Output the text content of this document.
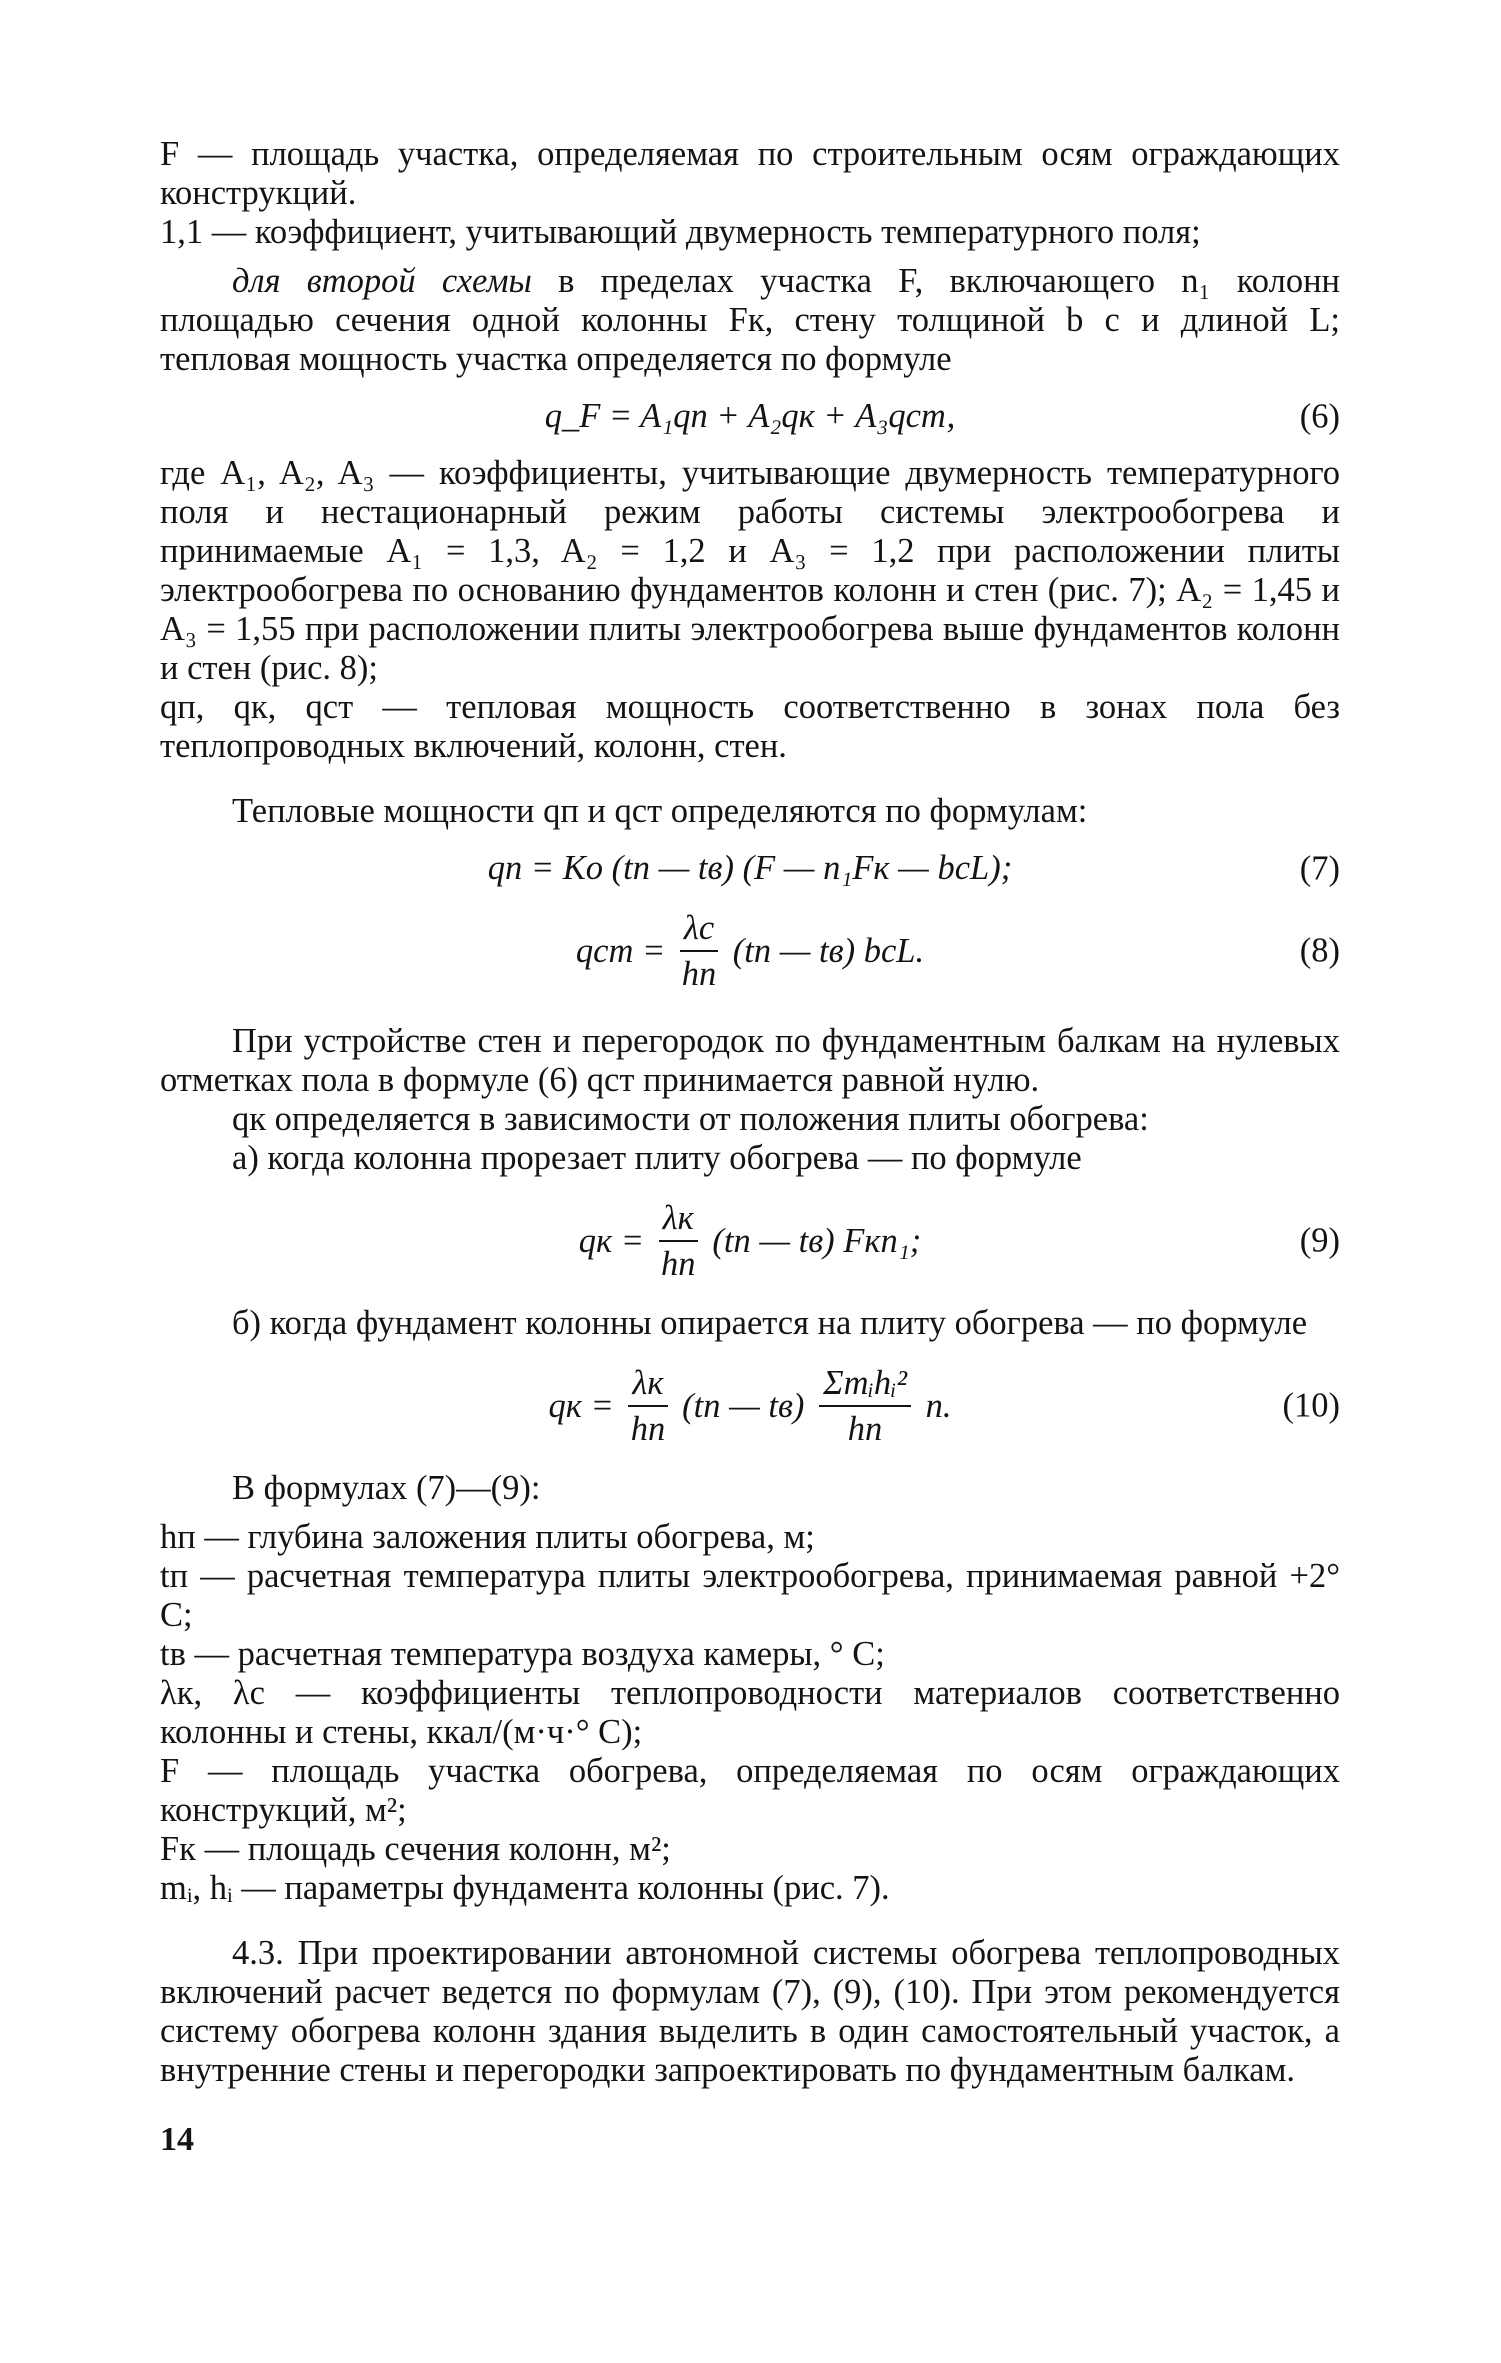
F — площадь участка, определяемая по строительным осям ограждающих конструкций.

1,1 — коэффициент, учитывающий двумерность температурного поля;

для второй схемы в пределах участка F, включающего n₁ колонн площадью сечения одной колонны Fк, стену толщиной b с и длиной L; тепловая мощность участка определяется по формуле

q_F = A₁qп + A₂qк + A₃qст,	(6)

где A₁, A₂, A₃ — коэффициенты, учитывающие двумерность температурного поля и нестационарный режим работы системы электрообогрева и принимаемые A₁ = 1,3, A₂ = 1,2 и A₃ = 1,2 при расположении плиты электрообогрева по основанию фундаментов колонн и стен (рис. 7); A₂ = 1,45 и A₃ = 1,55 при расположении плиты электрообогрева выше фундаментов колонн и стен (рис. 8);

qп, qк, qст — тепловая мощность соответственно в зонах пола без теплопроводных включений, колонн, стен.

Тепловые мощности qп и qст определяются по формулам:

qп = Kо (tп — tв) (F — n₁Fк — bсL);	(7)
qст = $\frac{\lambda с}{hп} (tп$ — tв) bсL.	(8)

При устройстве стен и перегородок по фундаментным балкам на нулевых отметках пола в формуле (6) qст принимается равной нулю.

qк определяется в зависимости от положения плиты обогрева:

а) когда колонна прорезает плиту обогрева — по формуле

qк = $\frac{\lambda к}{hп} (tп$ — tв) Fкn₁;	(9)

б) когда фундамент колонны опирается на плиту обогрева — по формуле

qк = $\frac{\lambda к}{hп} (tп$ — $tв) \frac{\text{Σmᵢhᵢ²}}{hп} n$.	(10)

В формулах (7)—(9):

hп — глубина заложения плиты обогрева, м;

tп — расчетная температура плиты электрообогрева, принимаемая равной +2° С;

tв — расчетная температура воздуха камеры, ° С;

λк, λс — коэффициенты теплопроводности материалов соответственно колонны и стены, ккал/(м·ч·° С);

F — площадь участка обогрева, определяемая по осям ограждающих конструкций, м²;

Fк — площадь сечения колонн, м²;

mᵢ, hᵢ — параметры фундамента колонны (рис. 7).

4.3. При проектировании автономной системы обогрева теплопроводных включений расчет ведется по формулам (7), (9), (10). При этом рекомендуется систему обогрева колонн здания выделить в один самостоятельный участок, а внутренние стены и перегородки запроектировать по фундаментным балкам.

14
